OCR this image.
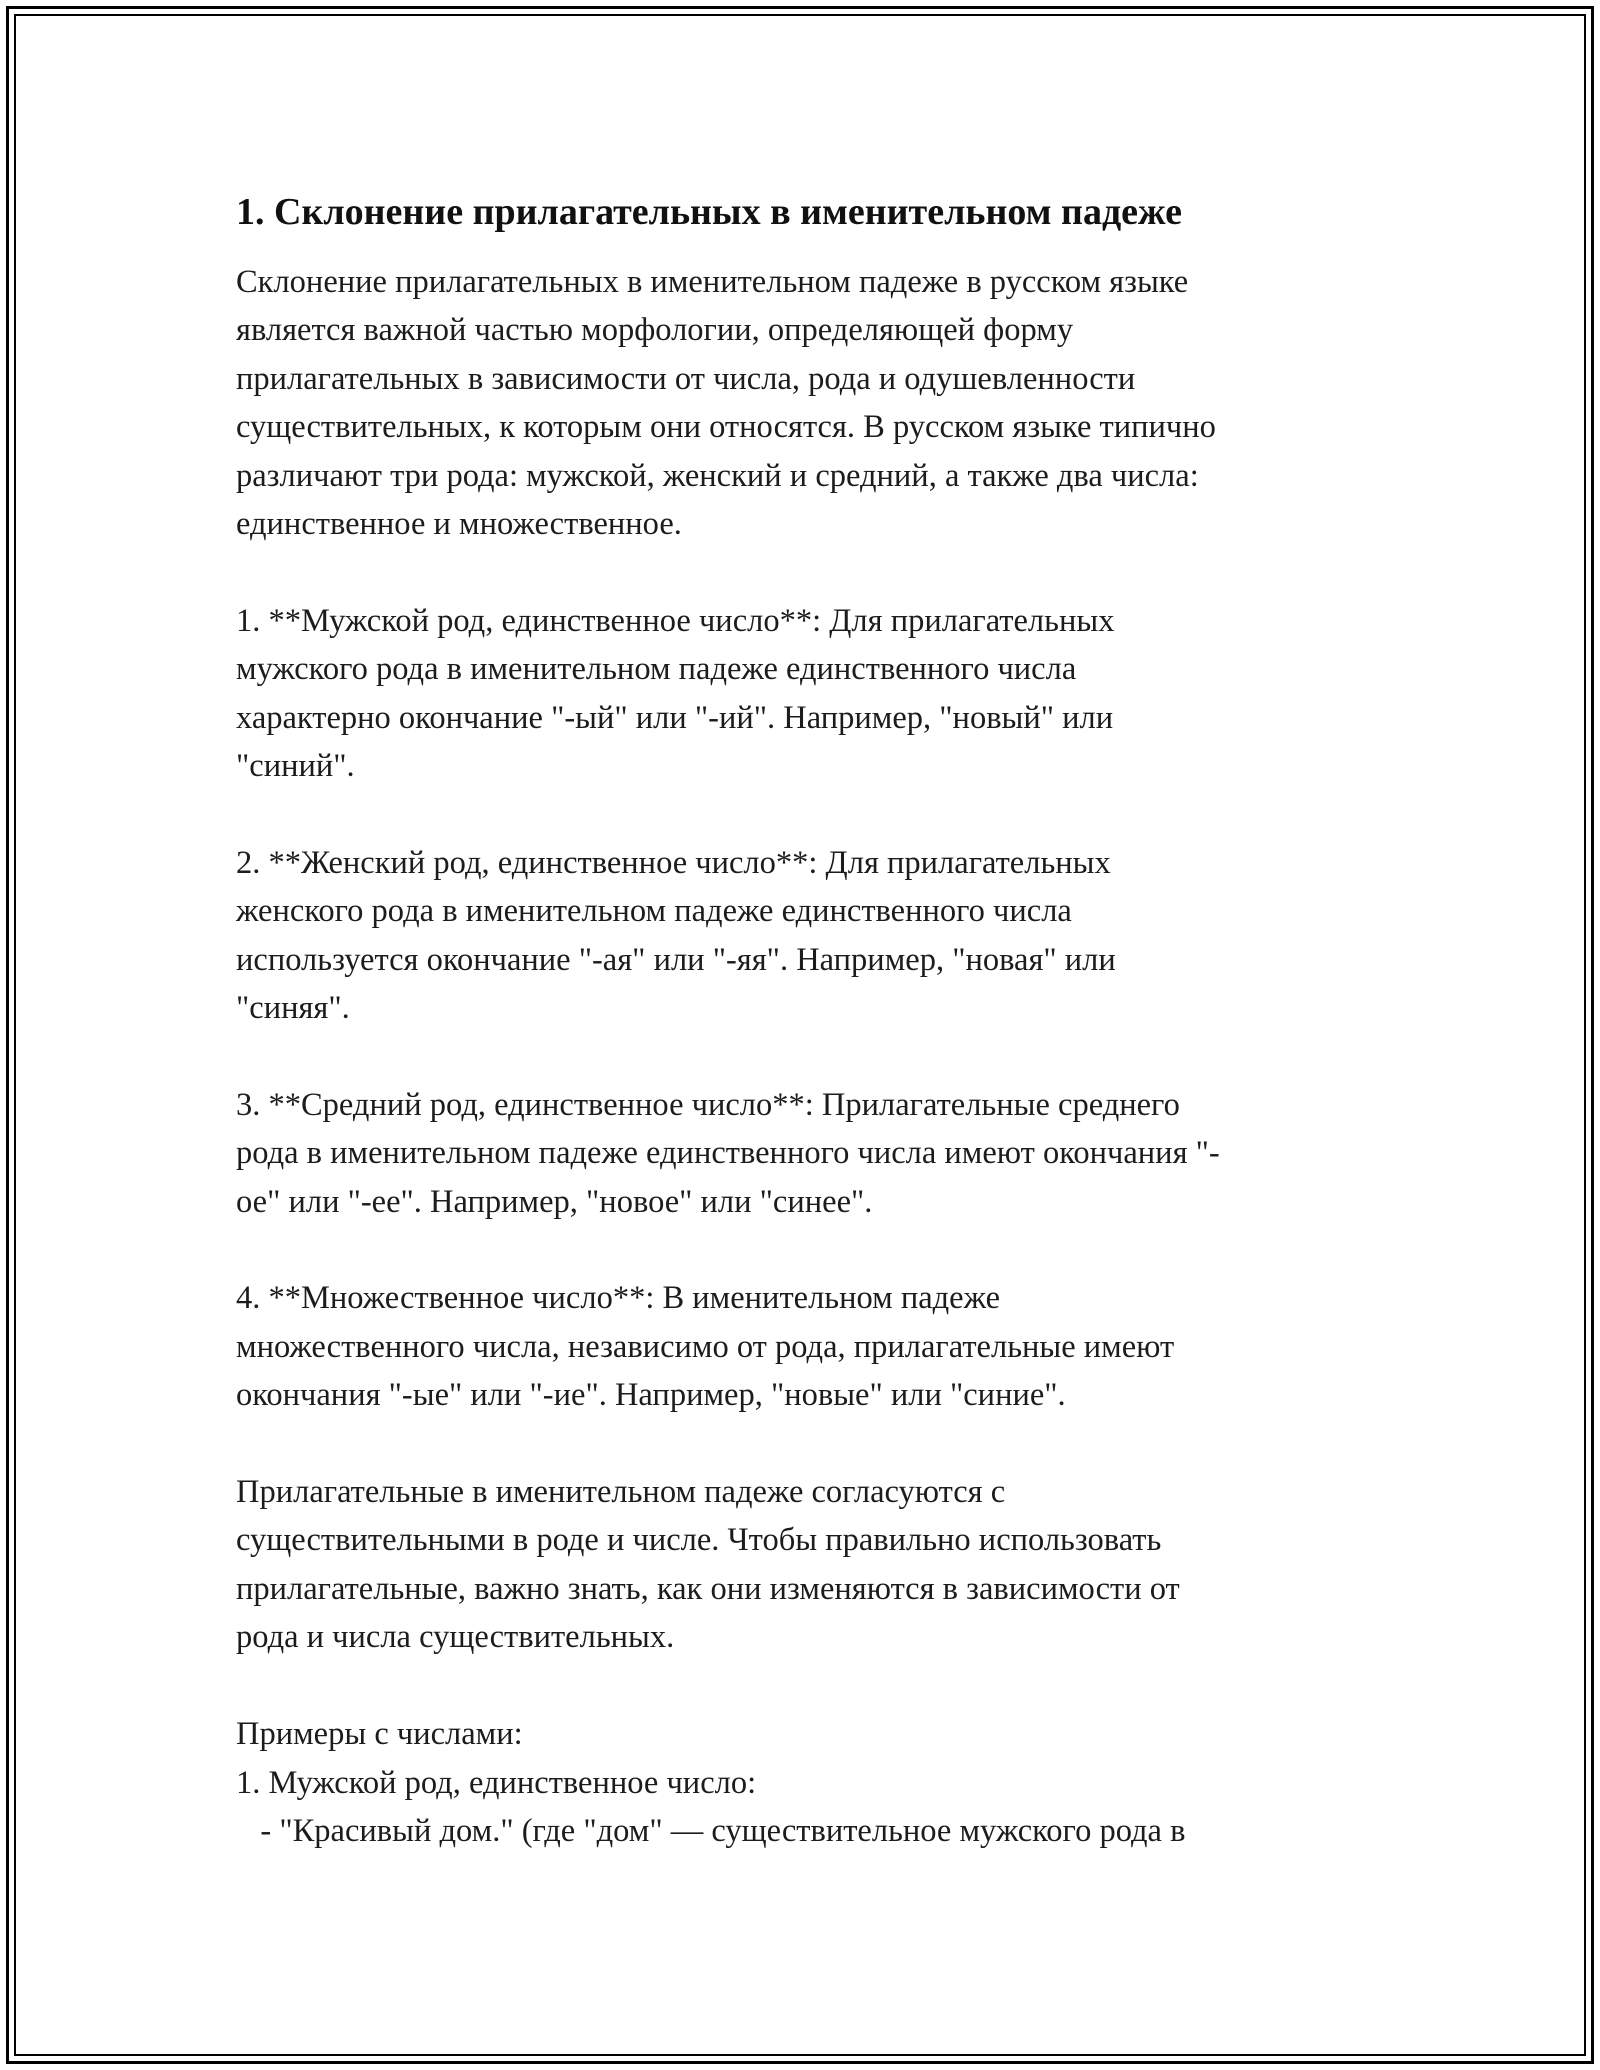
1. Склонение прилагательных в именительном падеже

Склонение прилагательных в именительном падеже в русском языке
является важной частью морфологии, определяющей форму
прилагательных в зависимости от числа, рода и одушевленности
существительных, к которым они относятся. В русском языке типично
различают три рода: мужской, женский и средний, а также два числа:
единственное и множественное.

1. **Мужской род, единственное число**: Для прилагательных
мужского рода в именительном падеже единственного числа
характерно окончание "-ый" или "-ий". Например, "новый" или
"синий".

2. **Женский род, единственное число**: Для прилагательных
женского рода в именительном падеже единственного числа
используется окончание "-ая" или "-яя". Например, "новая" или
"синяя".

3. **Средний род, единственное число**: Прилагательные среднего
рода в именительном падеже единственного числа имеют окончания "-
ое" или "-ее". Например, "новое" или "синее".

4. **Множественное число**: В именительном падеже
множественного числа, независимо от рода, прилагательные имеют
окончания "-ые" или "-ие". Например, "новые" или "синие".

Прилагательные в именительном падеже согласуются с
существительными в роде и числе. Чтобы правильно использовать
прилагательные, важно знать, как они изменяются в зависимости от
рода и числа существительных.

Примеры с числами:

1. Мужской род, единственное число:

- "Красивый дом." (где "дом" — существительное мужского рода в
